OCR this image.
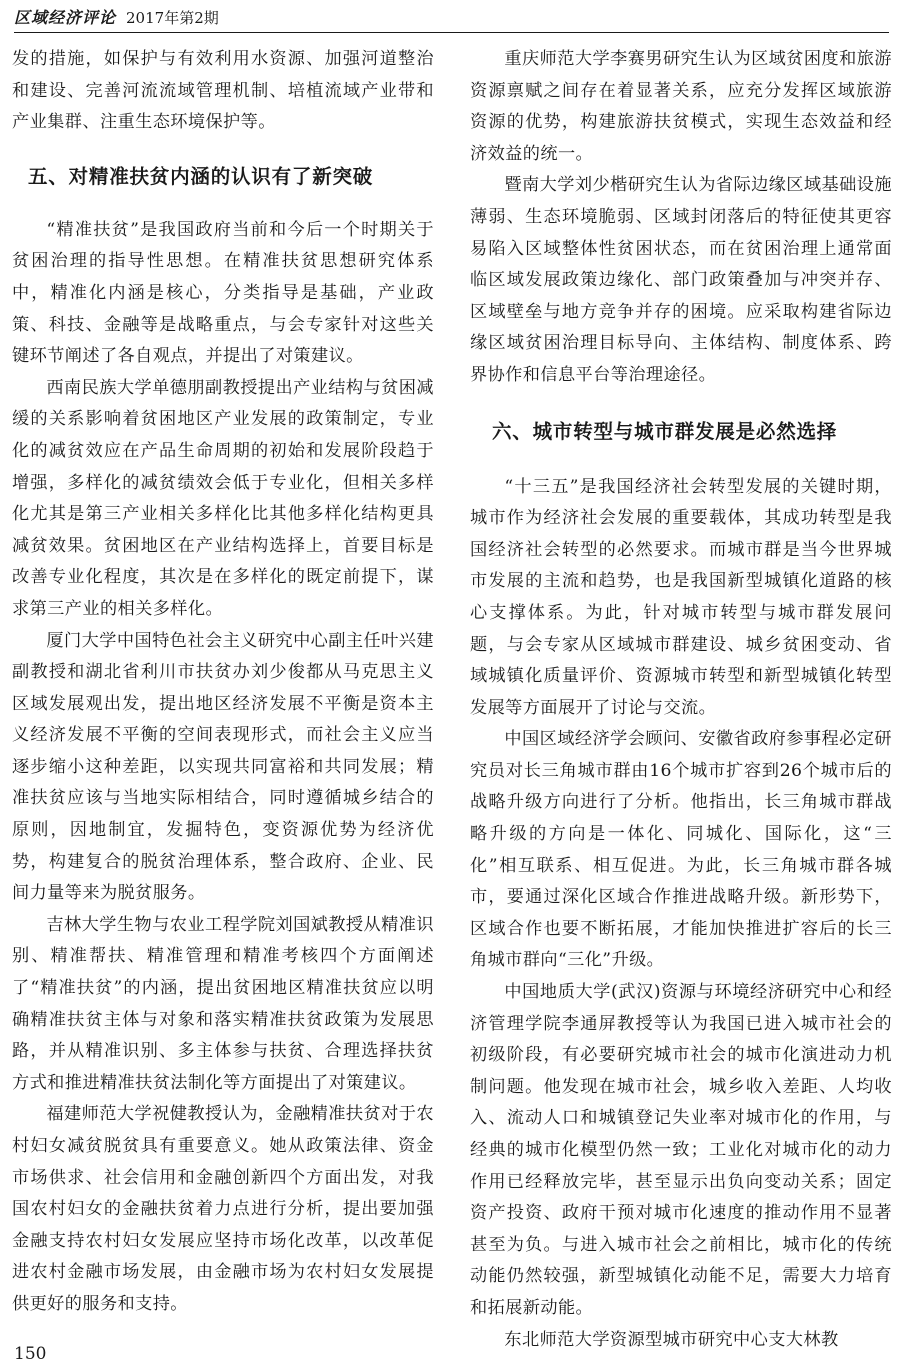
区域经济评论 2017年第2期

发的措施，如保护与有效利用水资源、加强河道整治和建设、完善河流流域管理机制、培植流域产业带和产业集群、注重生态环境保护等。

五、对精准扶贫内涵的认识有了新突破

“精准扶贫”是我国政府当前和今后一个时期关于贫困治理的指导性思想。在精准扶贫思想研究体系中，精准化内涵是核心，分类指导是基础，产业政策、科技、金融等是战略重点，与会专家针对这些关键环节阐述了各自观点，并提出了对策建议。

西南民族大学单德朋副教授提出产业结构与贫困减缓的关系影响着贫困地区产业发展的政策制定，专业化的减贫效应在产品生命周期的初始和发展阶段趋于增强，多样化的减贫绩效会低于专业化，但相关多样化尤其是第三产业相关多样化比其他多样化结构更具减贫效果。贫困地区在产业结构选择上，首要目标是改善专业化程度，其次是在多样化的既定前提下，谋求第三产业的相关多样化。

厦门大学中国特色社会主义研究中心副主任叶兴建副教授和湖北省利川市扶贫办刘少俊都从马克思主义区域发展观出发，提出地区经济发展不平衡是资本主义经济发展不平衡的空间表现形式，而社会主义应当逐步缩小这种差距，以实现共同富裕和共同发展；精准扶贫应该与当地实际相结合，同时遵循城乡结合的原则，因地制宜，发掘特色，变资源优势为经济优势，构建复合的脱贫治理体系，整合政府、企业、民间力量等来为脱贫服务。

吉林大学生物与农业工程学院刘国斌教授从精准识别、精准帮扶、精准管理和精准考核四个方面阐述了“精准扶贫”的内涵，提出贫困地区精准扶贫应以明确精准扶贫主体与对象和落实精准扶贫政策为发展思路，并从精准识别、多主体参与扶贫、合理选择扶贫方式和推进精准扶贫法制化等方面提出了对策建议。

福建师范大学祝健教授认为，金融精准扶贫对于农村妇女减贫脱贫具有重要意义。她从政策法律、资金市场供求、社会信用和金融创新四个方面出发，对我国农村妇女的金融扶贫着力点进行分析，提出要加强金融支持农村妇女发展应坚持市场化改革，以改革促进农村金融市场发展，由金融市场为农村妇女发展提供更好的服务和支持。

重庆师范大学李赛男研究生认为区域贫困度和旅游资源禀赋之间存在着显著关系，应充分发挥区域旅游资源的优势，构建旅游扶贫模式，实现生态效益和经济效益的统一。

暨南大学刘少楷研究生认为省际边缘区域基础设施薄弱、生态环境脆弱、区域封闭落后的特征使其更容易陷入区域整体性贫困状态，而在贫困治理上通常面临区域发展政策边缘化、部门政策叠加与冲突并存、区域壁垒与地方竞争并存的困境。应采取构建省际边缘区域贫困治理目标导向、主体结构、制度体系、跨界协作和信息平台等治理途径。

六、城市转型与城市群发展是必然选择

“十三五”是我国经济社会转型发展的关键时期，城市作为经济社会发展的重要载体，其成功转型是我国经济社会转型的必然要求。而城市群是当今世界城市发展的主流和趋势，也是我国新型城镇化道路的核心支撑体系。为此，针对城市转型与城市群发展问题，与会专家从区域城市群建设、城乡贫困变动、省域城镇化质量评价、资源城市转型和新型城镇化转型发展等方面展开了讨论与交流。

中国区域经济学会顾问、安徽省政府参事程必定研究员对长三角城市群由16个城市扩容到26个城市后的战略升级方向进行了分析。他指出，长三角城市群战略升级的方向是一体化、同城化、国际化，这“三化”相互联系、相互促进。为此，长三角城市群各城市，要通过深化区域合作推进战略升级。新形势下，区域合作也要不断拓展，才能加快推进扩容后的长三角城市群向“三化”升级。

中国地质大学(武汉)资源与环境经济研究中心和经济管理学院李通屏教授等认为我国已进入城市社会的初级阶段，有必要研究城市社会的城市化演进动力机制问题。他发现在城市社会，城乡收入差距、人均收入、流动人口和城镇登记失业率对城市化的作用，与经典的城市化模型仍然一致；工业化对城市化的动力作用已经释放完毕，甚至显示出负向变动关系；固定资产投资、政府干预对城市化速度的推动作用不显著甚至为负。与进入城市社会之前相比，城市化的传统动能仍然较强，新型城镇化动能不足，需要大力培育和拓展新动能。

东北师范大学资源型城市研究中心支大林教

150
